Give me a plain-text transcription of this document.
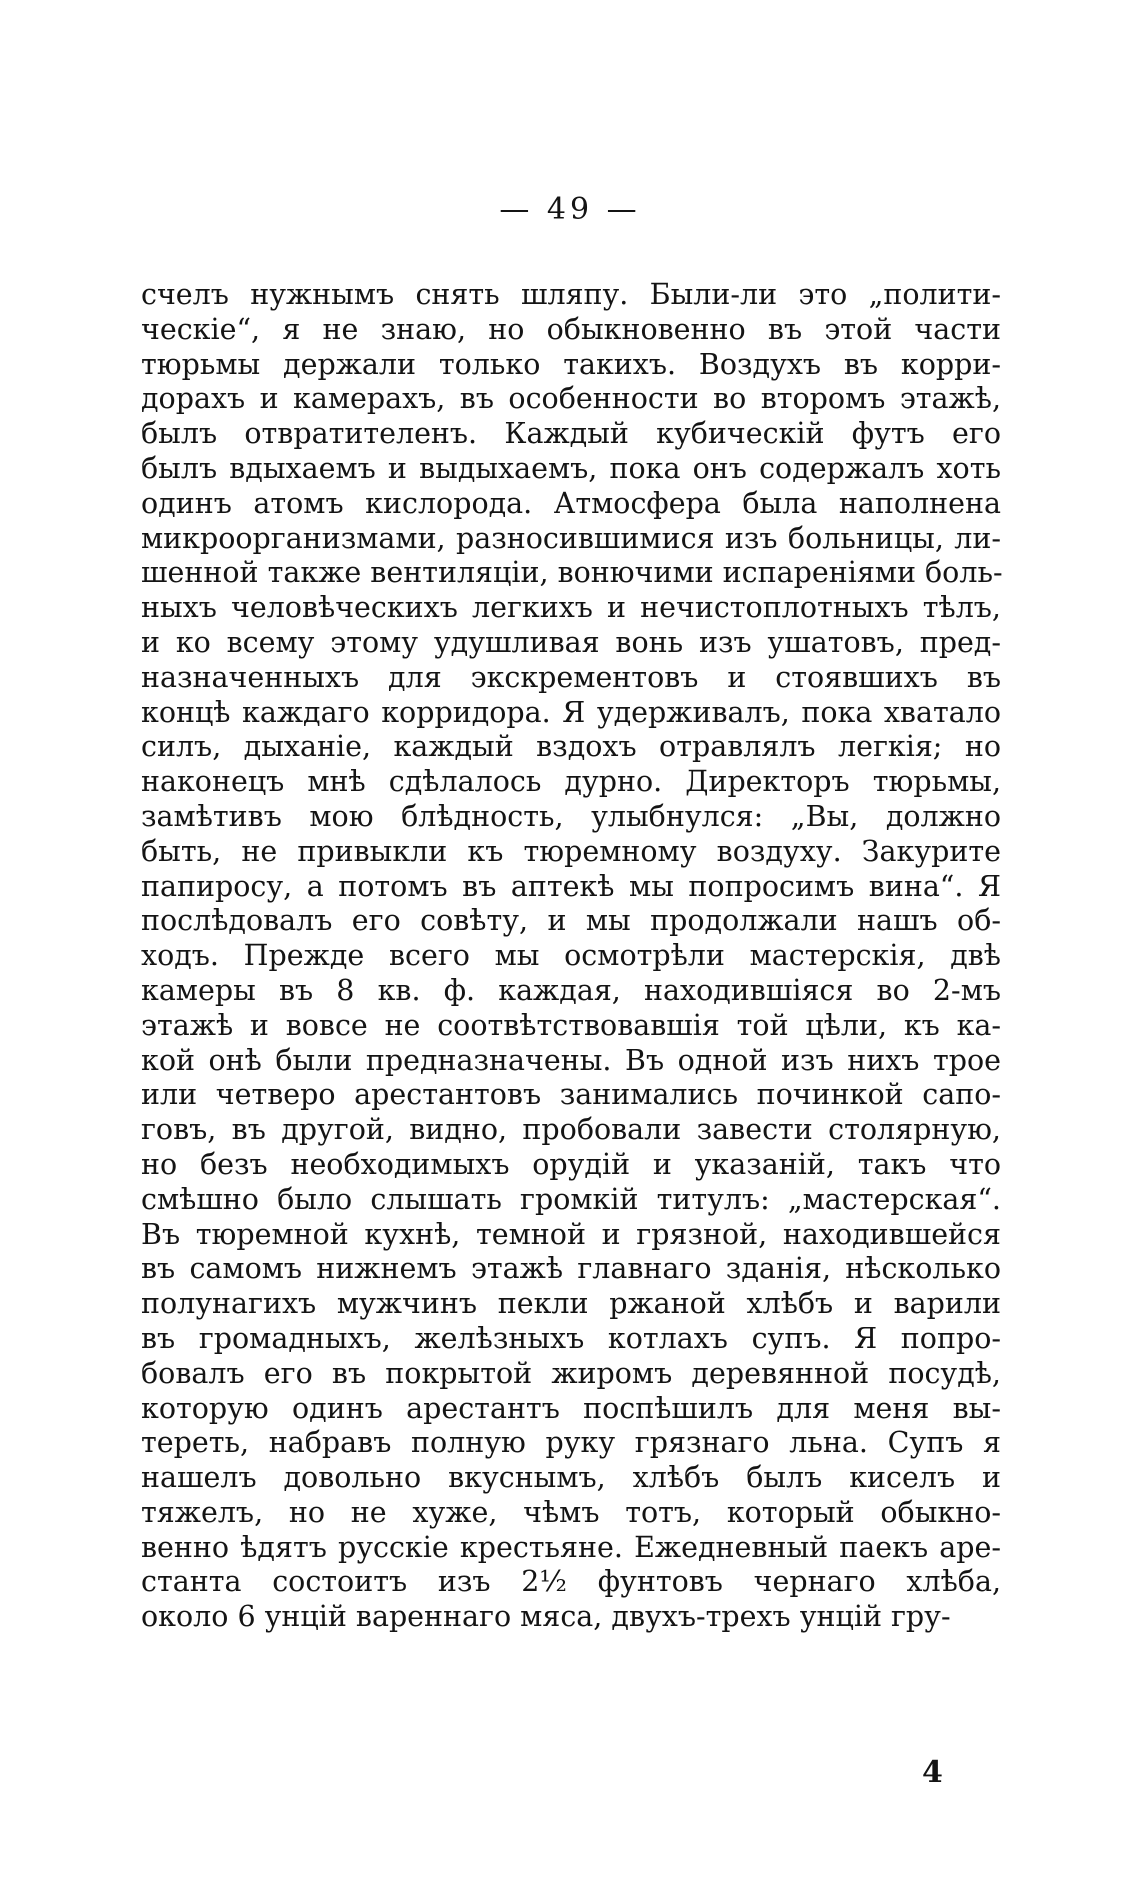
— 49 —
счелъ нужнымъ снять шляпу. Были-ли это „полити-
ческіе“, я не знаю, но обыкновенно въ этой части
тюрьмы держали только такихъ. Воздухъ въ корри-
дорахъ и камерахъ, въ особенности во второмъ этажѣ,
былъ отвратителенъ. Каждый кубическій футъ его
былъ вдыхаемъ и выдыхаемъ, пока онъ содержалъ хоть
одинъ атомъ кислорода. Атмосфера была наполнена
микроорганизмами, разносившимися изъ больницы, ли-
шенной также вентиляціи, вонючими испареніями боль-
ныхъ человѣческихъ легкихъ и нечистоплотныхъ тѣлъ,
и ко всему этому удушливая вонь изъ ушатовъ, пред-
назначенныхъ для экскрементовъ и стоявшихъ въ
концѣ каждаго корридора. Я удерживалъ, пока хватало
силъ, дыханіе, каждый вздохъ отравлялъ легкія; но
наконецъ мнѣ сдѣлалось дурно. Директоръ тюрьмы,
замѣтивъ мою блѣдность, улыбнулся: „Вы, должно
быть, не привыкли къ тюремному воздуху. Закурите
папиросу, а потомъ въ аптекѣ мы попросимъ вина“. Я
послѣдовалъ его совѣту, и мы продолжали нашъ об-
ходъ. Прежде всего мы осмотрѣли мастерскія, двѣ
камеры въ 8 кв. ф. каждая, находившіяся во 2-мъ
этажѣ и вовсе не соотвѣтствовавшія той цѣли, къ ка-
кой онѣ были предназначены. Въ одной изъ нихъ трое
или четверо арестантовъ занимались починкой сапо-
говъ, въ другой, видно, пробовали завести столярную,
но безъ необходимыхъ орудій и указаній, такъ что
смѣшно было слышать громкій титулъ: „мастерская“.
Въ тюремной кухнѣ, темной и грязной, находившейся
въ самомъ нижнемъ этажѣ главнаго зданія, нѣсколько
полунагихъ мужчинъ пекли ржаной хлѣбъ и варили
въ громадныхъ, желѣзныхъ котлахъ супъ. Я попро-
бовалъ его въ покрытой жиромъ деревянной посудѣ,
которую одинъ арестантъ поспѣшилъ для меня вы-
тереть, набравъ полную руку грязнаго льна. Супъ я
нашелъ довольно вкуснымъ, хлѣбъ былъ киселъ и
тяжелъ, но не хуже, чѣмъ тотъ, который обыкно-
венно ѣдятъ русскіе крестьяне. Ежедневный паекъ аре-
станта состоитъ изъ 2½ фунтовъ чернаго хлѣба,
около 6 унцій вареннаго мяса, двухъ-трехъ унцій гру-
4
